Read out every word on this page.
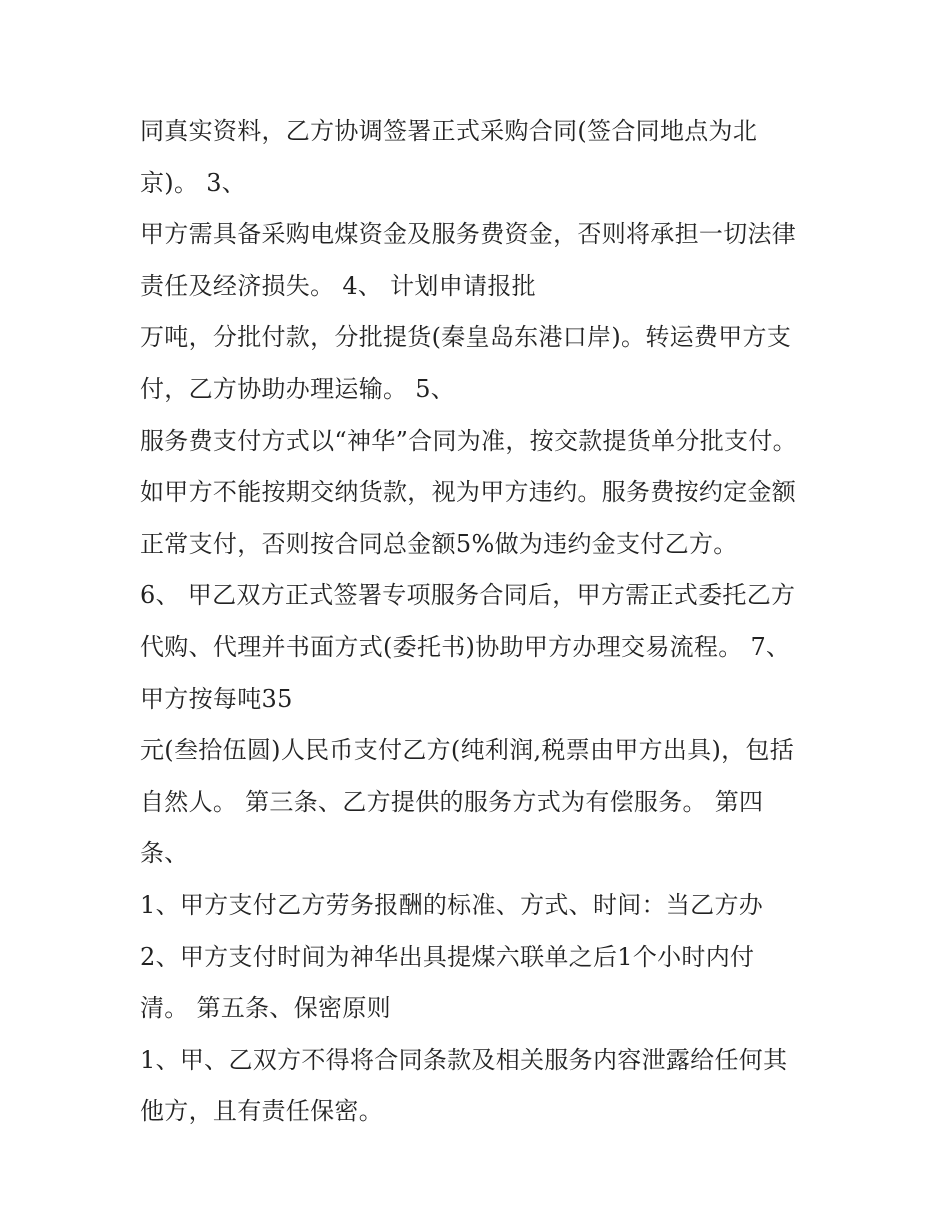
同真实资料，乙方协调签署正式采购合同(签合同地点为北
京)。 3、
甲方需具备采购电煤资金及服务费资金，否则将承担一切法律
责任及经济损失。 4、 计划申请报批
万吨，分批付款，分批提货(秦皇岛东港口岸)。转运费甲方支
付，乙方协助办理运输。 5、
服务费支付方式以“神华”合同为准，按交款提货单分批支付。
如甲方不能按期交纳货款，视为甲方违约。服务费按约定金额
正常支付，否则按合同总金额5%做为违约金支付乙方。
6、 甲乙双方正式签署专项服务合同后，甲方需正式委托乙方
代购、代理并书面方式(委托书)协助甲方办理交易流程。 7、
甲方按每吨35
元(叁拾伍圆)人民币支付乙方(纯利润,税票由甲方出具)，包括
自然人。 第三条、乙方提供的服务方式为有偿服务。 第四
条、
1、甲方支付乙方劳务报酬的标准、方式、时间：当乙方办
2、甲方支付时间为神华出具提煤六联单之后1个小时内付
清。 第五条、保密原则
1、甲、乙双方不得将合同条款及相关服务内容泄露给任何其
他方，且有责任保密。
